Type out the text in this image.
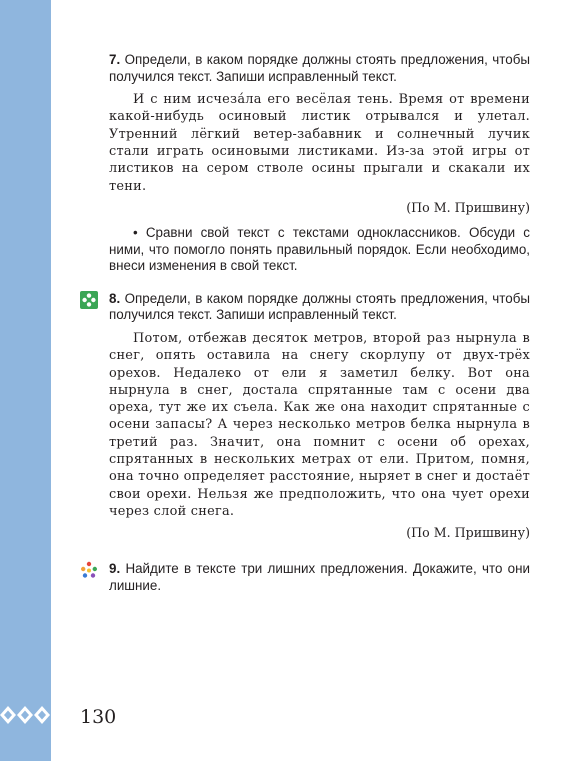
7. Определи, в каком порядке должны стоять предложения, чтобы получился текст. Запиши исправленный текст.

И с ним исчеза́ла его весёлая тень. Время от времени какой-нибудь осиновый листик отрывался и улетал. Утренний лёгкий ветер-забавник и солнечный лучик стали играть осиновыми листиками. Из-за этой игры от листиков на сером стволе осины прыгали и скакали их тени.

(По М. Пришвину)

• Сравни свой текст с текстами одноклассников. Обсуди с ними, что помогло понять правильный порядок. Если необходимо, внеси изменения в свой текст.

8. Определи, в каком порядке должны стоять предложения, чтобы получился текст. Запиши исправленный текст.

Потом, отбежав десяток метров, второй раз нырнула в снег, опять оставила на снегу скорлупу от двух-трёх орехов. Недалеко от ели я заметил белку. Вот она нырнула в снег, достала спрятанные там с осени два ореха, тут же их съела. Как же она находит спрятанные с осени запасы? А через несколько метров белка нырнула в третий раз. Значит, она помнит с осени об орехах, спрятанных в нескольких метрах от ели. Притом, помня, она точно определяет расстояние, ныряет в снег и достаёт свои орехи. Нельзя же предположить, что она чует орехи через слой снега.

(По М. Пришвину)

9. Найдите в тексте три лишних предложения. Докажите, что они лишние.

130
